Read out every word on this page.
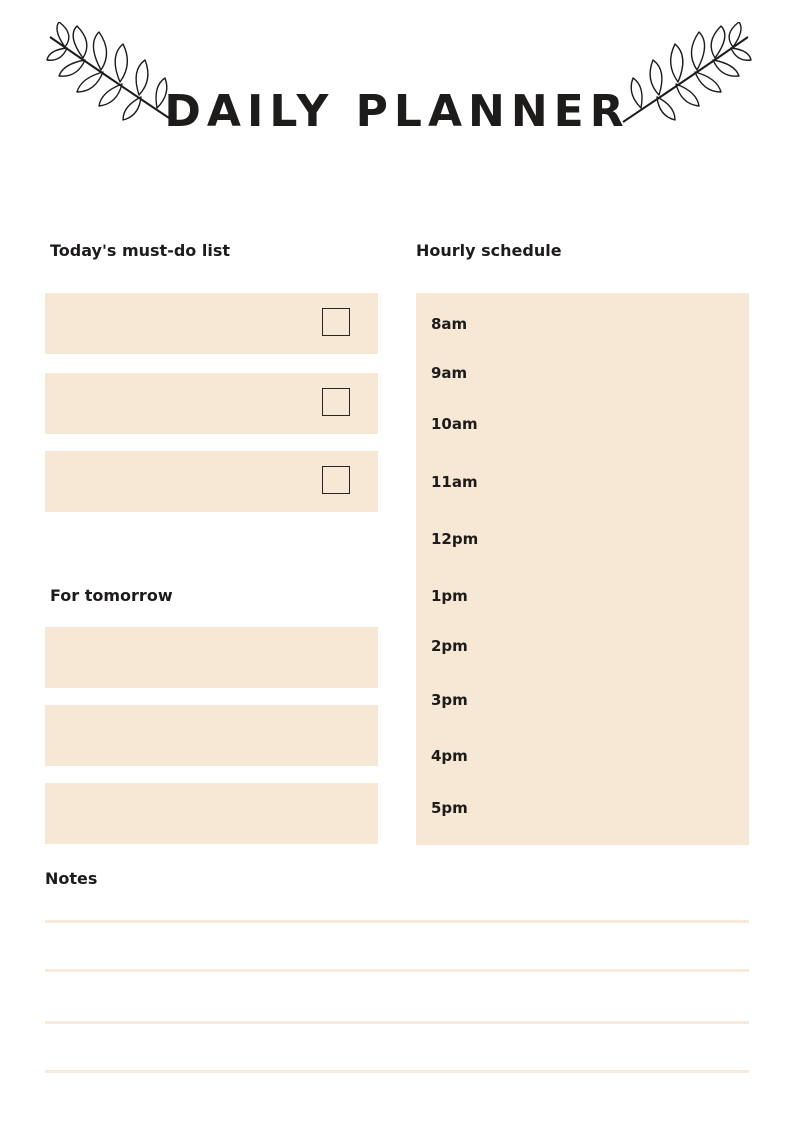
DAILY PLANNER
Today's must-do list
For tomorrow
Hourly schedule
8am
9am
10am
11am
12pm
1pm
2pm
3pm
4pm
5pm
Notes
